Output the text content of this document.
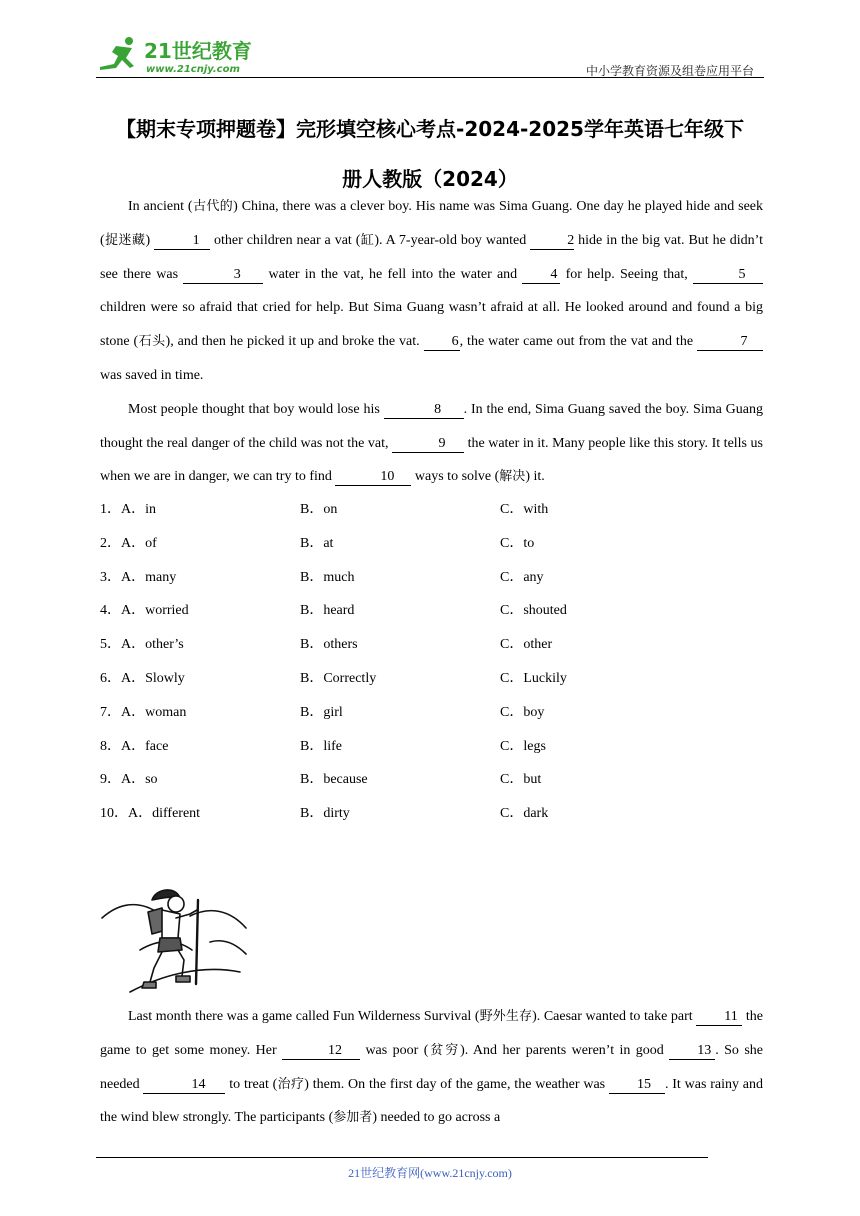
21世纪教育
www.21cnjy.com	中小学教育资源及组卷应用平台
【期末专项押题卷】完形填空核心考点-2024-2025学年英语七年级下
册人教版（2024）

In ancient (古代的) China, there was a clever boy. His name was Sima Guang. One day he played hide and seek (捉迷藏)	1 other children near a vat (缸). A 7-year-old boy wanted	2 hide in the big vat. But he didn’t see there was	3 water in the vat, he fell into the water and 4 for help. Seeing that,	5 children were so afraid that cried for help. But Sima Guang wasn’t afraid at all. He looked around and found a big stone (石头), and then he picked it up and broke the vat. 6, the water came out from the vat and the	7 was saved in time.

Most people thought that boy would lose his	8 . In the end, Sima Guang saved the boy. Sima Guang thought the real danger of the child was not the vat,	9 the water in it. Many people like this story. It tells us when we are in danger, we can try to find	10 ways to solve (解决) it.

1．A．in	B．on	C．with
2．A．of	B．at	C．to
3．A．many	B．much	C．any
4．A．worried	B．heard	C．shouted
5．A．other’s	B．others	C．other
6．A．Slowly	B．Correctly	C．Luckily
7．A．woman	B．girl	C．boy
8．A．face	B．life	C．legs
9．A．so	B．because	C．but
10．A．different	B．dirty	C．dark

Last month there was a game called Fun Wilderness Survival (野外生存). Caesar wanted to take part 11 the game to get some money. Her	12 was poor (贫穷). And her parents weren’t in good 13 . So she needed	14 to treat (治疗) them. On the first day of the game, the weather was 15 . It was rainy and the wind blew strongly. The participants (参加者) needed to go across a

21世纪教育网(www.21cnjy.com)
